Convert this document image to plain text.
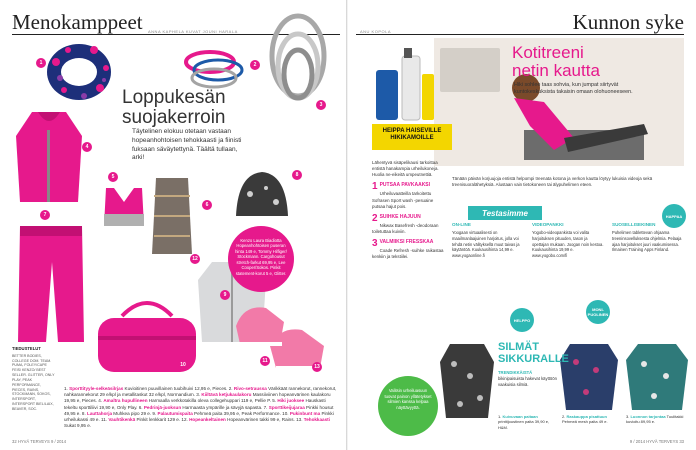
Menokamppeet ANNA KAPHELA KUVAT JOUNI HARALA
1	2
3
4
5
6
7
8
9
10
11
12
13
Loppukesän
suojakerroin
Täytelinen elokuu otetaan vastaan hopeanhohtoisen tehokkaasti ja fiinisti fuksaan säväytettynä. Täältä tullaan, arki!
Kenzo Laura Biadiotta Hopeanhohtoisen puseran hinta 149 e, Tommy Hilfiger/ Stockmann. Cargohousut stretch-farkut 69,95 e, Lee Cooper/Sokos. Pinkit statement-korut 5 e, Glitter.
TIEDUSTELUT
BETTER BODIES, COLLEGE DOM. TEAM. PUMA, FOLEY/CAPE FEIS/ KENZO/ BEST SELLER. GLITTER, ONLY PLAY, PEAK PERFORMANCE, PIECES, RAINS, STOCKMANN, SOKOS, INTERSPORT, INTERSPORT BIEL/LAIX, BEAVER, SOC.
1. Sporttityyle-selkeäsilrjas Kuvioitinen puuvillainen tuubihuivi 12,95 e, Pieces. 2. Rivo-setraussa Värikkäät rannekorut, rannekorut, nahkarannekorut 29 e/kpl ja metallitaskut 32 e/kpl, Normandium. 3. Kiiltävä ketjukaulakoru Massiiviinen hopeanvärinen kaulakoru 19,95 e, Pieces. 4. Amaltra hupullineen Harmaalla verkkotakilla oleva collegehuppari 119 e, Pellie P. 5. Hiki juoksee Hauskasti tekeltu sporttiliivi 19,90 e, Only Play. 6. Pedrinjä-juoksun Harmaasta ympärille ja sävyjä sapasta. 7. Sporttikeijujaraa Pinkki housut 49,95 e. 8. Lauttahorja Muhkea pipo 29 e. 9. Palautumispaita Pehmeä paita 39,95 e, Peak Performance. 10. Pukinbunt ma Pinkki urheilukassi 49 e. 11. Vauhtikenkä Pinkit lenkkarit 129 e. 12. Hopeankeltainen Hopeanvärinen takki 99 e, Rains. 13. Tehokkaasti Sukat 9,95 e.
32 HYVÄ TERVEYS 9 / 2014
Kunnon syke
ANU KOPOLA
Kotitreeni
netin kautta
Hiki sohlee taas sohvia, kun jumpat siirtyvät kuntokeskuksista takaisin omaan olohuoneeseen.
HEIPPA HAISEVILLE HIKIKAMOILLE
Lähentyvä sisäpelikausi tarkoittaa entistä hanakampia urheilukoneja. Huolia ne-eikeitä umpeutnettiä.
1 PUTSAA PAVKAAKSI
Urheiluvaatteilla tarkoitettu Sofrasen Sport wash -pesuaine putsaa hajut pois.
2 SUIHKE HAJUUN
Nikwax Basefresh -deodoraan toiletuttaa kuiviin.
3 VALMIIKSI FRESSKAA
Coade Refresh -suihke raikastaa kenkiin ja tekstiilei.
Tänään päivän korjuujoja entistä helpompi treenata kotona ja verkon kautta löytyy lukuisia videoja sekä treenisuoralähetyksiä. Alustaan vain tietokoneen tai älypuhelimen eteen.
Testasimme
ON-LINE
Yoogaan virtuaalisesti on maailmanlaajuinen harjoitus, jolla voi tehdä netin välityksellä muut taivas ja käytäntöä. Kuukausihinta 14,99 e. www.yogaonline.fi
VIDEOPANKKI
Yogobo-videopankista voi valita harjoituksen pituuden, tason ja opettajan mukaan. Joogan noin kestoa. Kuukausihinta 19,99 e. www.yogobo.com/fi
SUOSELLISEKINEN
Puhelimen tablettevan ohjaama treeninsovelluksesta ohjelmia. Pelaaja ajaa harjoitukset juuri vaakumisessa. Ilmainen Training Apps Finland.
HELPPO
MONI-PUOLINEN
HAPPAA
SILMÄT
SIKKURALLE
TRENDIKKÄISTÄ bikinipaisuista hakevat käyttöön vaakuisia silmiä.
Valitsin urheiluasuun tuovat painon yllätetykset silmien kanssa kelpaa näyttävyyttä.
1. Kuivuvaan paitaan printtijoustinen paita 39,90 e, H&M.
2. Raskauppa pisattuun Pehmeä mesh paita 49 e.
3. Luonnon tarjontaa Tuulitakki kuvioitu 89,95 e.
9 / 2014 HYVÄ TERVEYS 33
